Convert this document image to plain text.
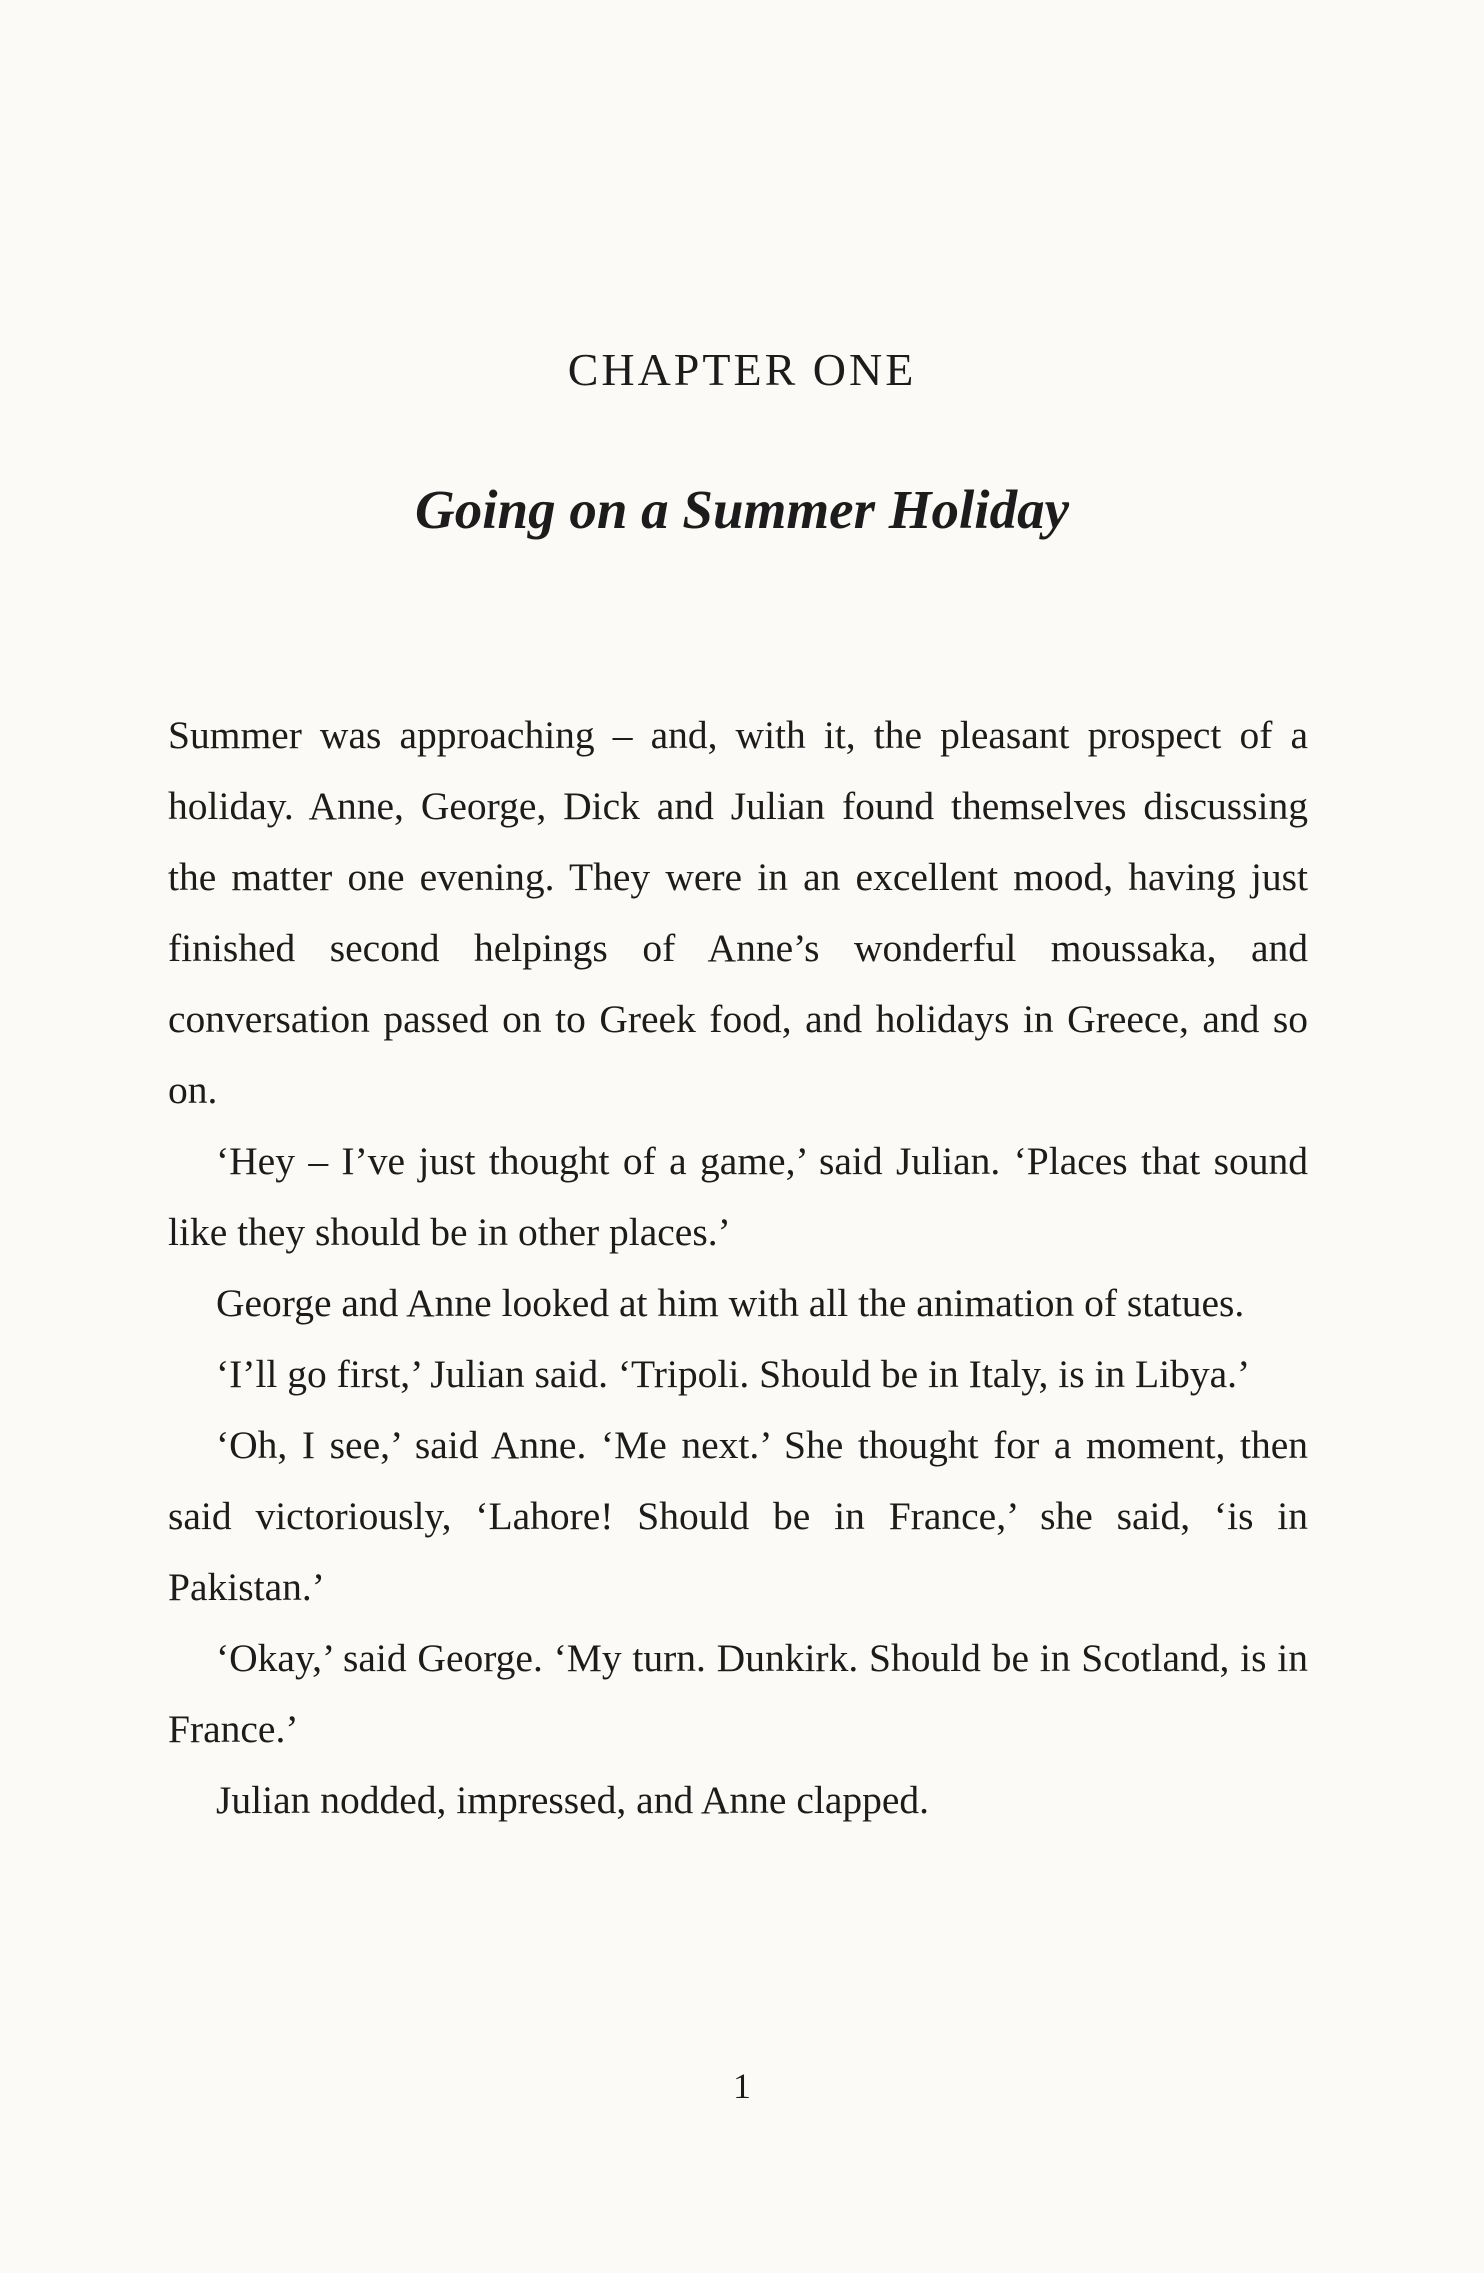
CHAPTER ONE
Going on a Summer Holiday

Summer was approaching – and, with it, the pleasant prospect of a holiday. Anne, George, Dick and Julian found themselves discussing the matter one evening. They were in an excellent mood, having just finished second helpings of Anne’s wonderful moussaka, and conversation passed on to Greek food, and holidays in Greece, and so on.

‘Hey – I’ve just thought of a game,’ said Julian. ‘Places that sound like they should be in other places.’

George and Anne looked at him with all the animation of statues.

‘I’ll go first,’ Julian said. ‘Tripoli. Should be in Italy, is in Libya.’

‘Oh, I see,’ said Anne. ‘Me next.’ She thought for a moment, then said victoriously, ‘Lahore! Should be in France,’ she said, ‘is in Pakistan.’

‘Okay,’ said George. ‘My turn. Dunkirk. Should be in Scotland, is in France.’

Julian nodded, impressed, and Anne clapped.

1
